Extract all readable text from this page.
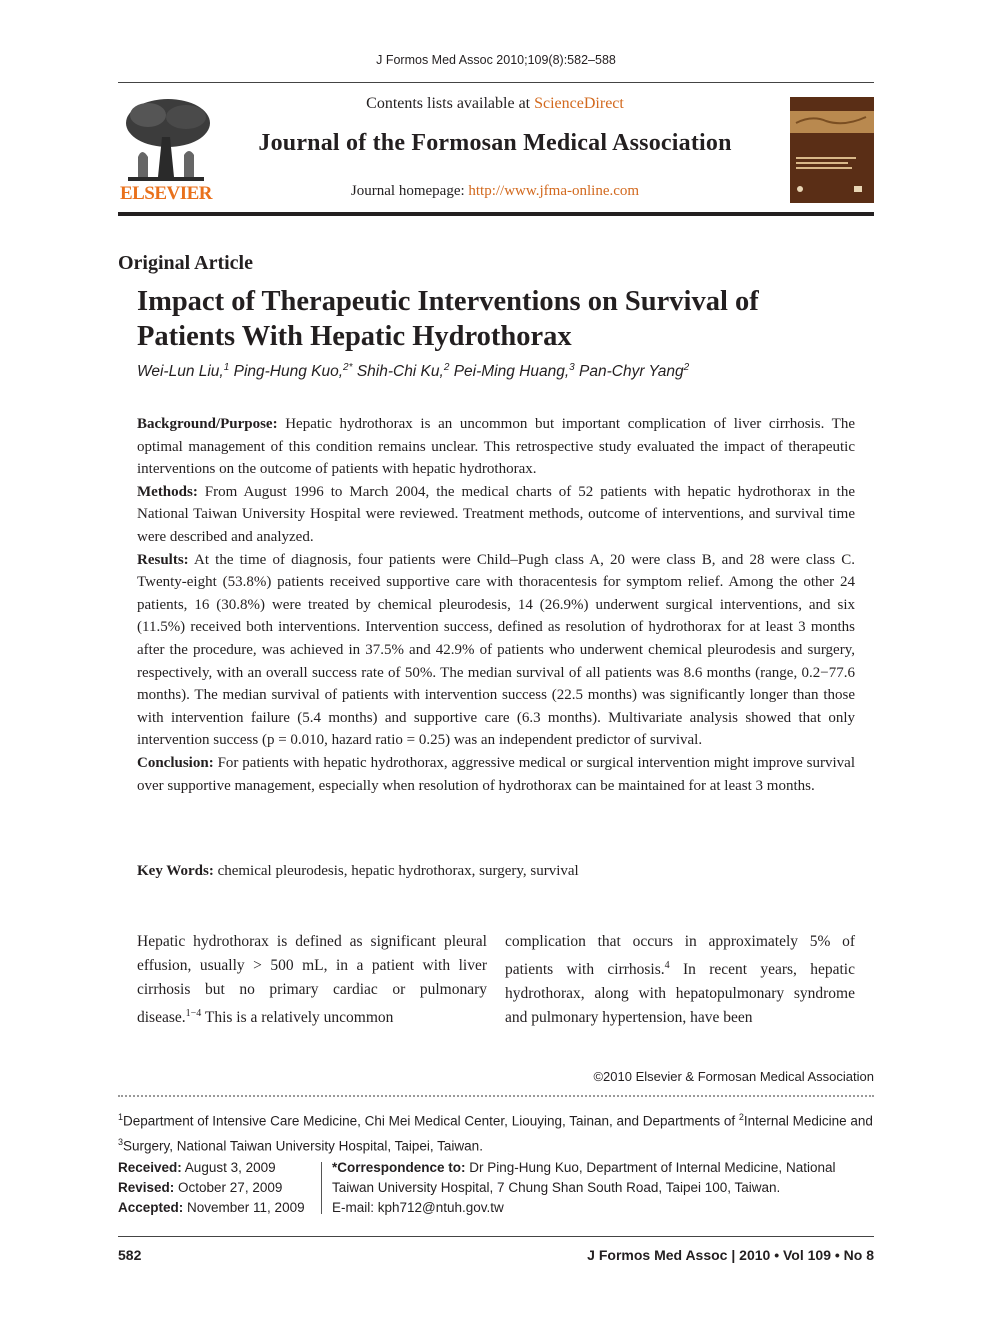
J Formos Med Assoc 2010;109(8):582–588
ELSEVIER
Contents lists available at ScienceDirect
Journal of the Formosan Medical Association
Journal homepage: http://www.jfma-online.com
Original Article
Impact of Therapeutic Interventions on Survival of Patients With Hepatic Hydrothorax
Wei-Lun Liu,$^1$ Ping-Hung Kuo,$^{2*}$ Shih-Chi Ku,$^2$ Pei-Ming Huang,$^3$ Pan-Chyr Yang$^2$

Background/Purpose: Hepatic hydrothorax is an uncommon but important complication of liver cirrhosis. The optimal management of this condition remains unclear. This retrospective study evaluated the impact of therapeutic interventions on the outcome of patients with hepatic hydrothorax.

Methods: From August 1996 to March 2004, the medical charts of 52 patients with hepatic hydrothorax in the National Taiwan University Hospital were reviewed. Treatment methods, outcome of interventions, and survival time were described and analyzed.

Results: At the time of diagnosis, four patients were Child–Pugh class A, 20 were class B, and 28 were class C. Twenty-eight (53.8%) patients received supportive care with thoracentesis for symptom relief. Among the other 24 patients, 16 (30.8%) were treated by chemical pleurodesis, 14 (26.9%) underwent surgical interventions, and six (11.5%) received both interventions. Intervention success, defined as resolution of hydrothorax for at least 3 months after the procedure, was achieved in 37.5% and 42.9% of patients who underwent chemical pleurodesis and surgery, respectively, with an overall success rate of 50%. The median survival of all patients was 8.6 months (range, 0.2−77.6 months). The median survival of patients with intervention success (22.5 months) was significantly longer than those with intervention failure (5.4 months) and supportive care (6.3 months). Multivariate analysis showed that only intervention success (p = 0.010, hazard ratio = 0.25) was an independent predictor of survival.

Conclusion: For patients with hepatic hydrothorax, aggressive medical or surgical intervention might improve survival over supportive management, especially when resolution of hydrothorax can be maintained for at least 3 months.

Key Words: chemical pleurodesis, hepatic hydrothorax, surgery, survival
Hepatic hydrothorax is defined as significant pleural effusion, usually > 500 mL, in a patient with liver cirrhosis but no primary cardiac or pulmonary disease.$^{1-4}$ This is a relatively uncommon
complication that occurs in approximately 5% of patients with cirrhosis.$^4$ In recent years, hepatic hydrothorax, along with hepatopulmonary syndrome and pulmonary hypertension, have been
©2010 Elsevier & Formosan Medical Association
$^1$Department of Intensive Care Medicine, Chi Mei Medical Center, Liouying, Tainan, and Departments of $^2$Internal Medicine and $^3$Surgery, National Taiwan University Hospital, Taipei, Taiwan.
Received: August 3, 2009
Revised: October 27, 2009
Accepted: November 11, 2009
*Correspondence to: Dr Ping-Hung Kuo, Department of Internal Medicine, National Taiwan University Hospital, 7 Chung Shan South Road, Taipei 100, Taiwan.
E-mail: kph712@ntuh.gov.tw
582	J Formos Med Assoc | 2010 • Vol 109 • No 8
